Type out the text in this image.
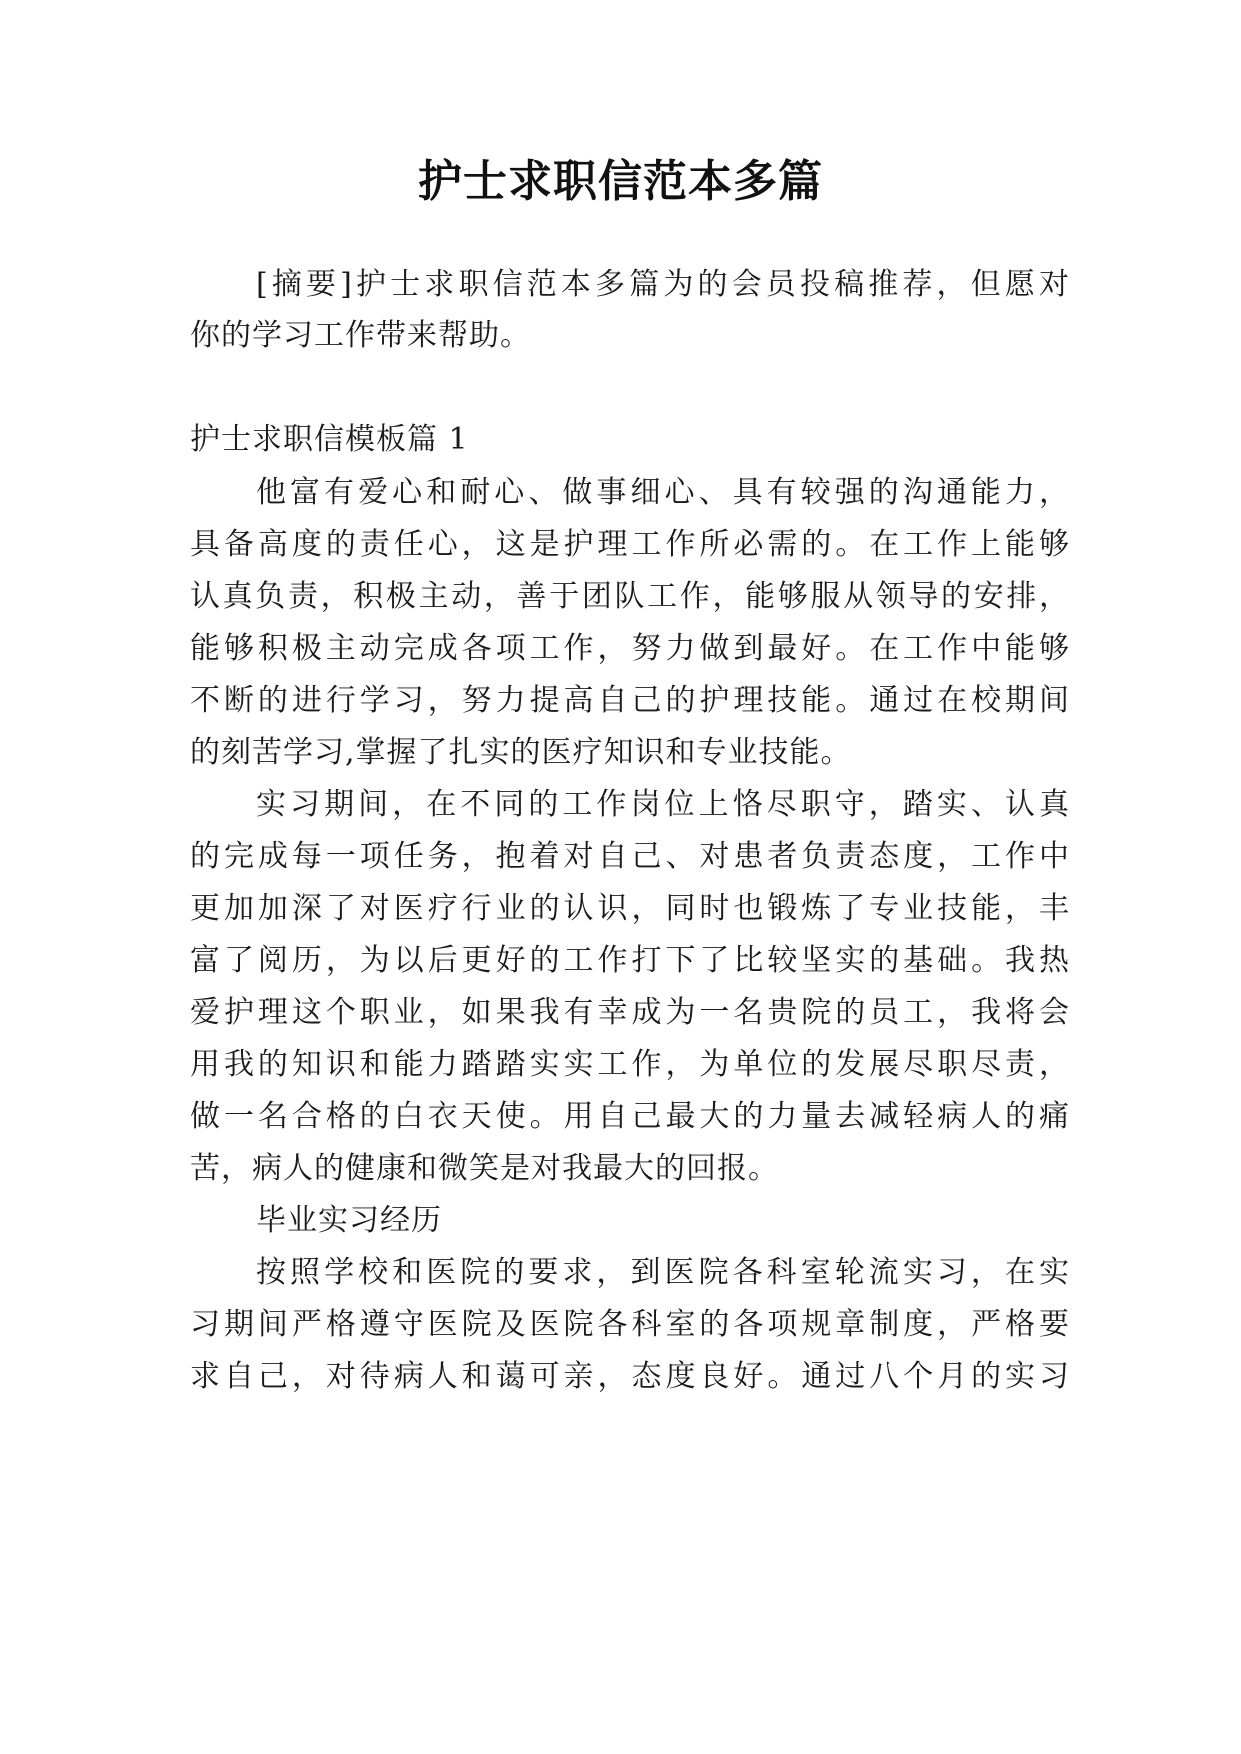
护士求职信范本多篇
[摘要]护士求职信范本多篇为的会员投稿推荐，但愿对
你的学习工作带来帮助。
护士求职信模板篇 1
他富有爱心和耐心、做事细心、具有较强的沟通能力，
具备高度的责任心，这是护理工作所必需的。在工作上能够
认真负责，积极主动，善于团队工作，能够服从领导的安排，
能够积极主动完成各项工作，努力做到最好。在工作中能够
不断的进行学习，努力提高自己的护理技能。通过在校期间
的刻苦学习,掌握了扎实的医疗知识和专业技能。
实习期间，在不同的工作岗位上恪尽职守，踏实、认真
的完成每一项任务，抱着对自己、对患者负责态度，工作中
更加加深了对医疗行业的认识，同时也锻炼了专业技能，丰
富了阅历，为以后更好的工作打下了比较坚实的基础。我热
爱护理这个职业，如果我有幸成为一名贵院的员工，我将会
用我的知识和能力踏踏实实工作，为单位的发展尽职尽责，
做一名合格的白衣天使。用自己最大的力量去减轻病人的痛
苦，病人的健康和微笑是对我最大的回报。
毕业实习经历
按照学校和医院的要求，到医院各科室轮流实习，在实
习期间严格遵守医院及医院各科室的各项规章制度，严格要
求自己，对待病人和蔼可亲，态度良好。通过八个月的实习
